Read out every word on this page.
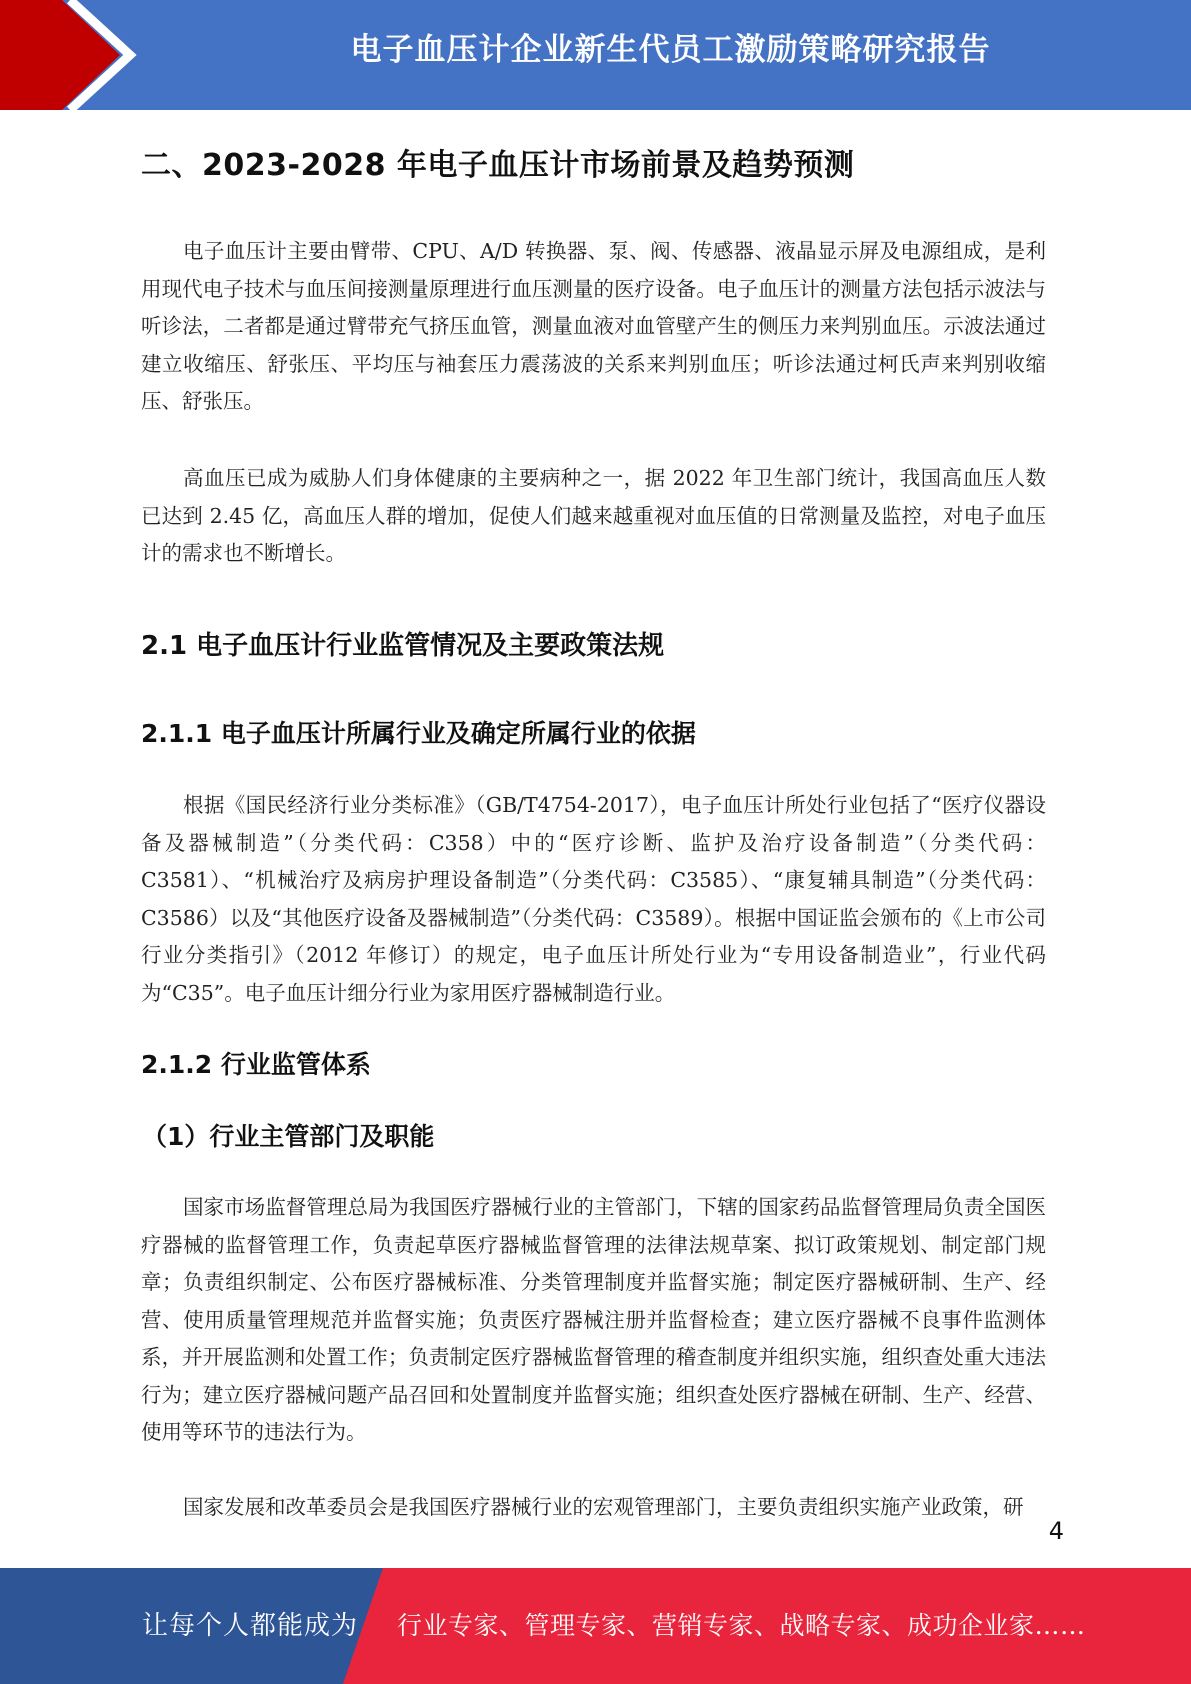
电子血压计企业新生代员工激励策略研究报告
二、2023-2028 年电子血压计市场前景及趋势预测

电子血压计主要由臂带、CPU、A/D 转换器、泵、阀、传感器、液晶显示屏及电源组成，是利用现代电子技术与血压间接测量原理进行血压测量的医疗设备。电子血压计的测量方法包括示波法与听诊法，二者都是通过臂带充气挤压血管，测量血液对血管壁产生的侧压力来判别血压。示波法通过建立收缩压、舒张压、平均压与袖套压力震荡波的关系来判别血压；听诊法通过柯氏声来判别收缩压、舒张压。

高血压已成为威胁人们身体健康的主要病种之一，据 2022 年卫生部门统计，我国高血压人数已达到 2.45 亿，高血压人群的增加，促使人们越来越重视对血压值的日常测量及监控，对电子血压计的需求也不断增长。

2.1 电子血压计行业监管情况及主要政策法规
2.1.1 电子血压计所属行业及确定所属行业的依据

根据《国民经济行业分类标准》（GB/T4754-2017），电子血压计所处行业包括了“医疗仪器设备及器械制造”（分类代码：C358）中的“医疗诊断、监护及治疗设备制造”（分类代码：C3581）、“机械治疗及病房护理设备制造”（分类代码：C3585）、“康复辅具制造”（分类代码：C3586）以及“其他医疗设备及器械制造”（分类代码：C3589）。根据中国证监会颁布的《上市公司行业分类指引》（2012 年修订）的规定，电子血压计所处行业为“专用设备制造业”，行业代码为“C35”。电子血压计细分行业为家用医疗器械制造行业。

2.1.2 行业监管体系
（1）行业主管部门及职能

国家市场监督管理总局为我国医疗器械行业的主管部门，下辖的国家药品监督管理局负责全国医疗器械的监督管理工作，负责起草医疗器械监督管理的法律法规草案、拟订政策规划、制定部门规章；负责组织制定、公布医疗器械标准、分类管理制度并监督实施；制定医疗器械研制、生产、经营、使用质量管理规范并监督实施；负责医疗器械注册并监督检查；建立医疗器械不良事件监测体系，并开展监测和处置工作；负责制定医疗器械监督管理的稽查制度并组织实施，组织查处重大违法行为；建立医疗器械问题产品召回和处置制度并监督实施；组织查处医疗器械在研制、生产、经营、使用等环节的违法行为。

国家发展和改革委员会是我国医疗器械行业的宏观管理部门，主要负责组织实施产业政策，研

4
让每个人都能成为 行业专家、管理专家、营销专家、战略专家、成功企业家……
